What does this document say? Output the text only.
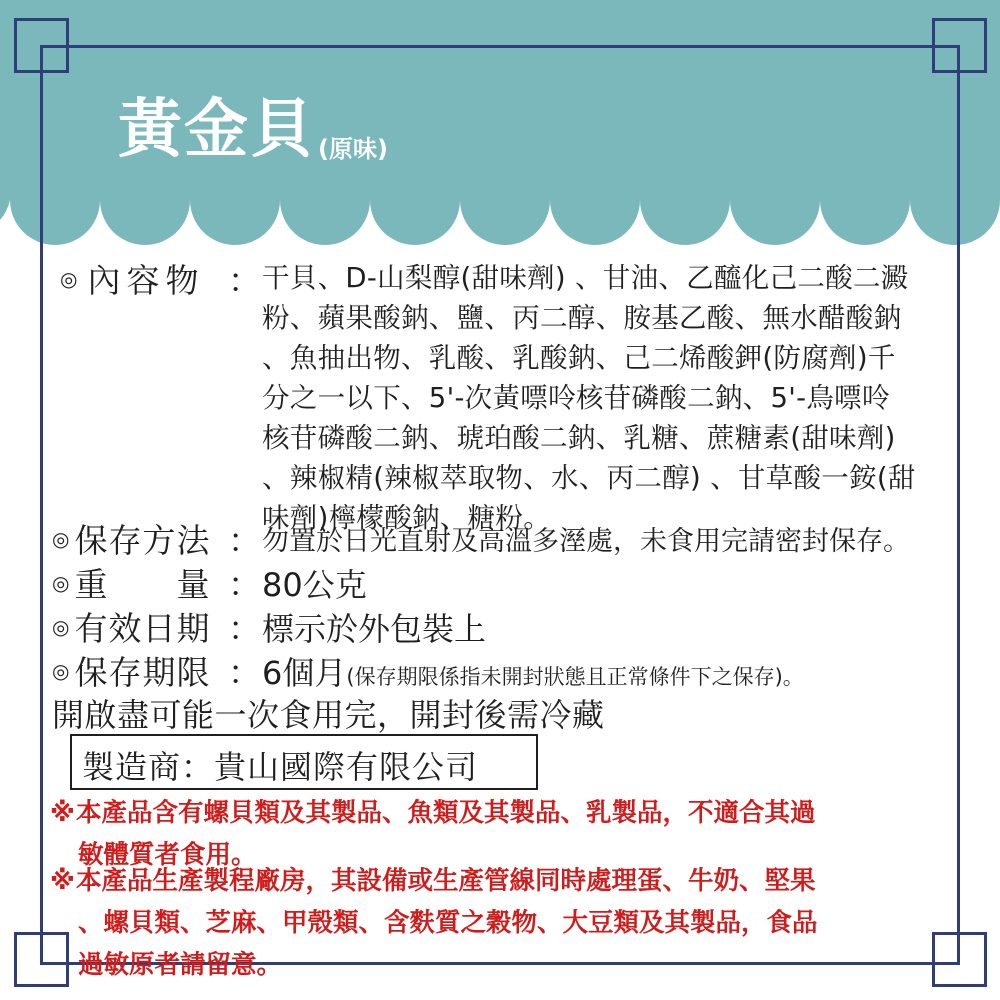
黃金貝(原味)
◎ 內容物 ： 干貝、D-山梨醇(甜味劑) 、甘油、乙醯化己二酸二澱
粉、蘋果酸鈉、鹽、丙二醇、胺基乙酸、無水醋酸鈉
、魚抽出物、乳酸、乳酸鈉、己二烯酸鉀(防腐劑)千
分之一以下、5'-次黃嘌呤核苷磷酸二鈉、5'-鳥嘌呤
核苷磷酸二鈉、琥珀酸二鈉、乳糖、蔗糖素(甜味劑)
、辣椒精(辣椒萃取物、水、丙二醇) 、甘草酸一銨(甜
味劑)檸檬酸鈉、糖粉。
◎ 保存方法 ： 勿置於日光直射及高溫多溼處，未食用完請密封保存。
◎ 重　　量 ： 80公克
◎ 有效日期 ： 標示於外包裝上
◎ 保存期限 ： 6個月(保存期限係指未開封狀態且正常條件下之保存)。
開啟盡可能一次食用完，開封後需冷藏
製造商：貴山國際有限公司
※本產品含有螺貝類及其製品、魚類及其製品、乳製品，不適合其過
敏體質者食用。
※本產品生產製程廠房，其設備或生產管線同時處理蛋、牛奶、堅果
、螺貝類、芝麻、甲殼類、含麩質之穀物、大豆類及其製品，食品
過敏原者請留意。
